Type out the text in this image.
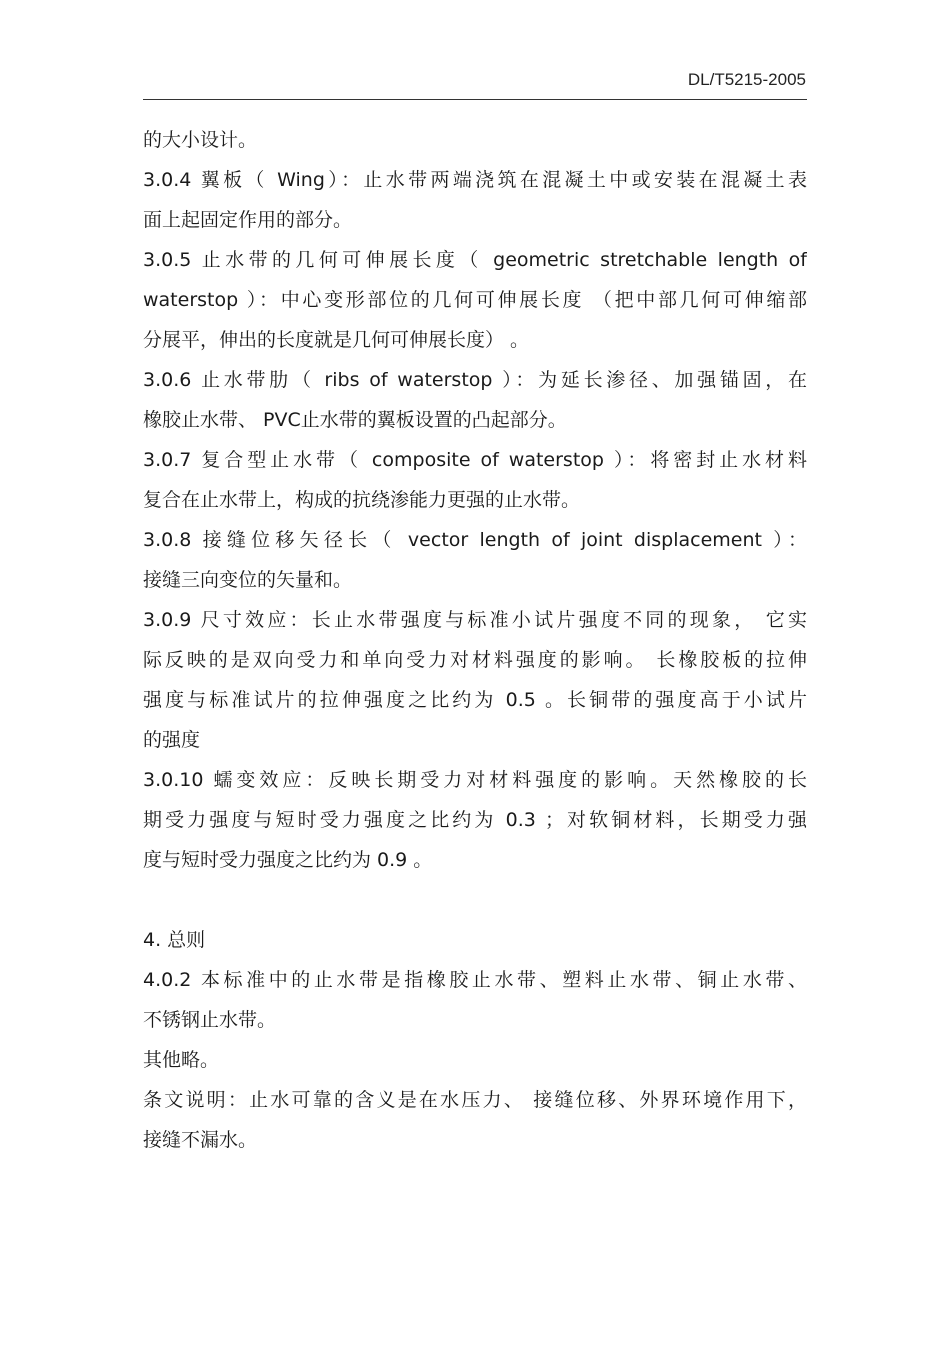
DL/T5215-2005
的大小设计。
3.0.4 翼板（ Wing）：止水带两端浇筑在混凝土中或安装在混凝土表
面上起固定作用的部分。
3.0.5 止水带的几何可伸展长度（ geometric stretchable length of
waterstop ）：中心变形部位的几何可伸展长度 （把中部几何可伸缩部
分展平，伸出的长度就是几何可伸展长度） 。
3.0.6 止水带肋（ ribs of waterstop ）：为延长渗径、加强锚固，在
橡胶止水带、 PVC止水带的翼板设置的凸起部分。
3.0.7 复合型止水带（ composite of waterstop ）：将密封止水材料
复合在止水带上，构成的抗绕渗能力更强的止水带。
3.0.8 接缝位移矢径长（ vector length of joint displacement ）：
接缝三向变位的矢量和。
3.0.9 尺寸效应：长止水带强度与标准小试片强度不同的现象， 它实
际反映的是双向受力和单向受力对材料强度的影响。 长橡胶板的拉伸
强度与标准试片的拉伸强度之比约为 0.5 。长铜带的强度高于小试片
的强度
3.0.10 蠕变效应：反映长期受力对材料强度的影响。天然橡胶的长
期受力强度与短时受力强度之比约为 0.3 ；对软铜材料，长期受力强
度与短时受力强度之比约为 0.9 。
4. 总则
4.0.2 本标准中的止水带是指橡胶止水带、塑料止水带、铜止水带、
不锈钢止水带。
其他略。
条文说明：止水可靠的含义是在水压力、 接缝位移、外界环境作用下，
接缝不漏水。
